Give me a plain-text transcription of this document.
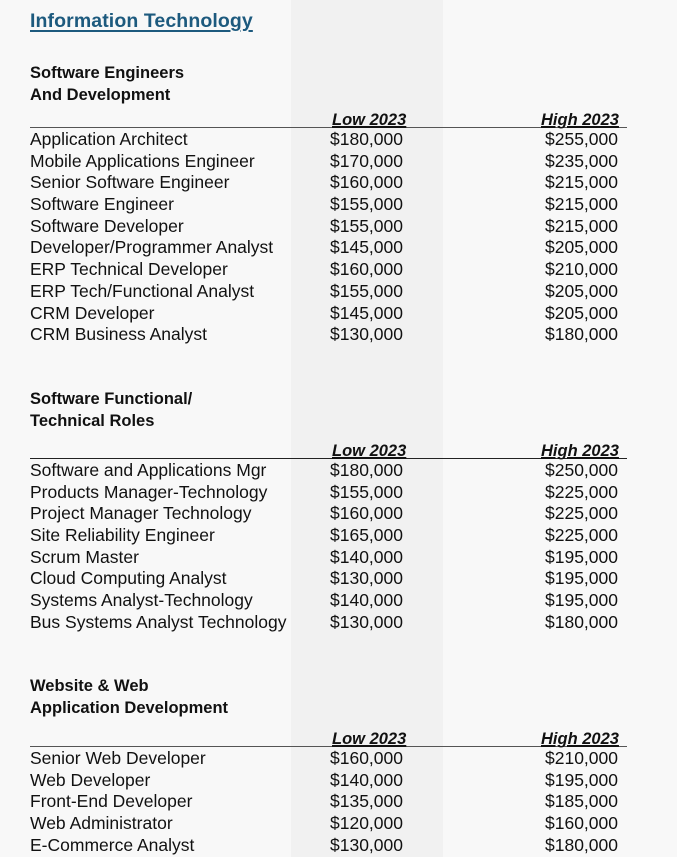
Information Technology
Software Engineers
And Development
Low 2023	High 2023
Application Architect	$180,000	$255,000
Mobile Applications Engineer	$170,000	$235,000
Senior Software Engineer	$160,000	$215,000
Software Engineer	$155,000	$215,000
Software Developer	$155,000	$215,000
Developer/Programmer Analyst	$145,000	$205,000
ERP Technical Developer	$160,000	$210,000
ERP Tech/Functional Analyst	$155,000	$205,000
CRM Developer	$145,000	$205,000
CRM Business Analyst	$130,000	$180,000
Software Functional/
Technical Roles
Low 2023	High 2023
Software and Applications Mgr	$180,000	$250,000
Products Manager-Technology	$155,000	$225,000
Project Manager Technology	$160,000	$225,000
Site Reliability Engineer	$165,000	$225,000
Scrum Master	$140,000	$195,000
Cloud Computing Analyst	$130,000	$195,000
Systems Analyst-Technology	$140,000	$195,000
Bus Systems Analyst Technology $130,000	$180,000
Website & Web
Application Development
Low 2023	High 2023
Senior Web Developer	$160,000	$210,000
Web Developer	$140,000	$195,000
Front-End Developer	$135,000	$185,000
Web Administrator	$120,000	$160,000
E-Commerce Analyst	$130,000	$180,000
